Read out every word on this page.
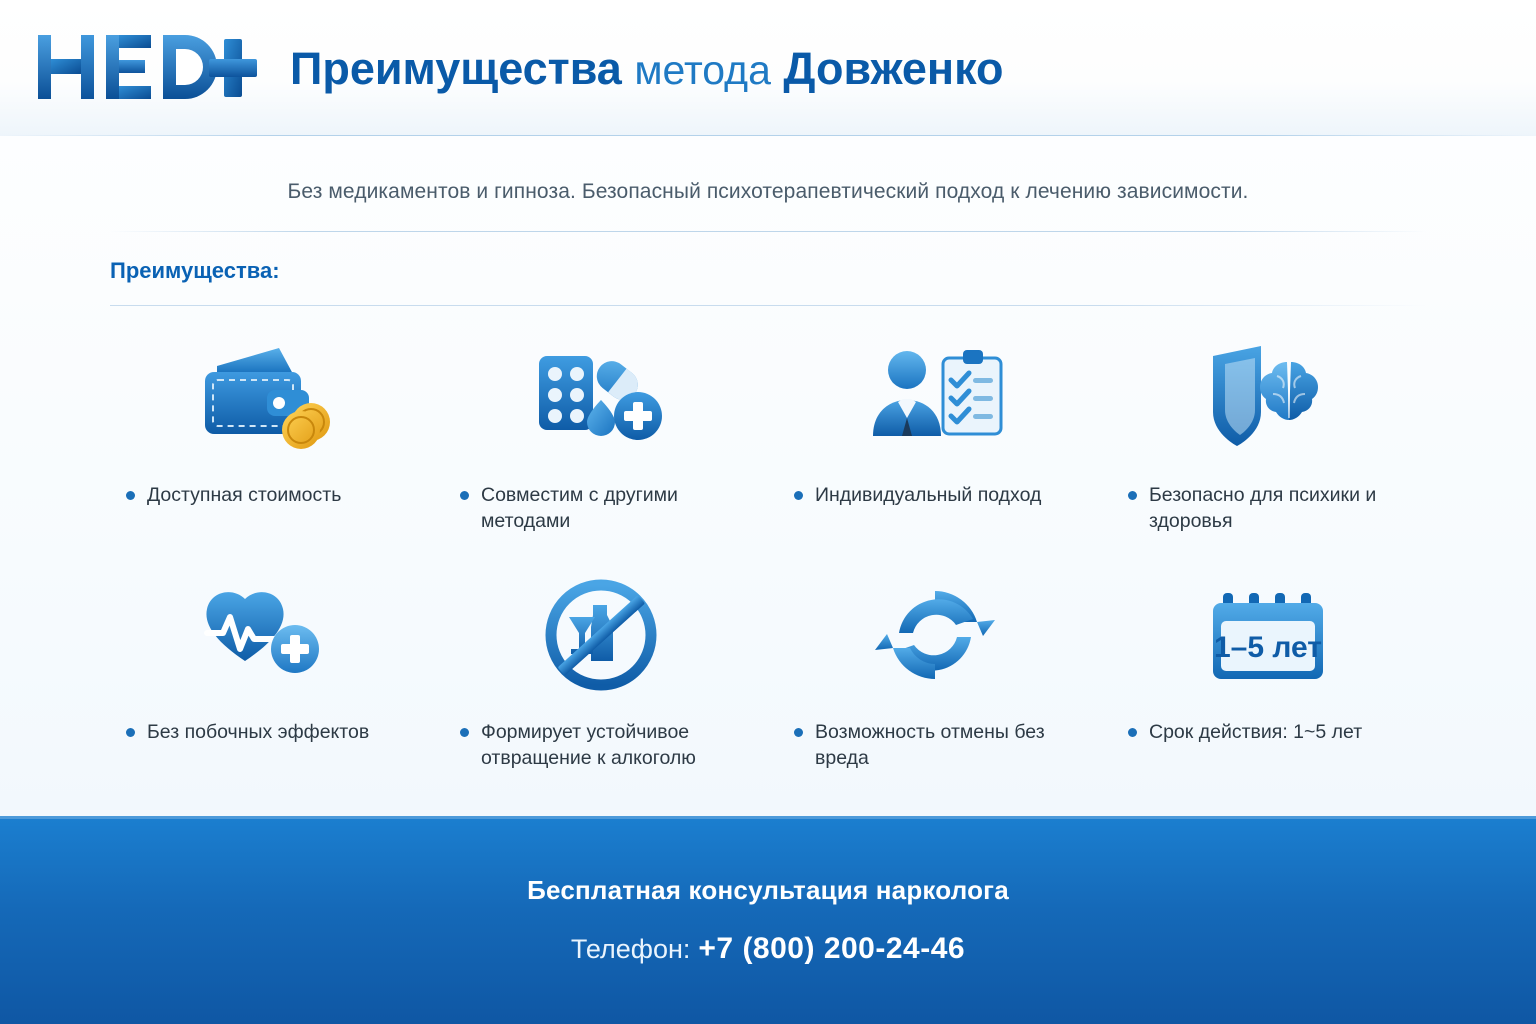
Преимущества метода Довженко
Без медикаментов и гипноза. Безопасный психотерапевтический подход к лечению зависимости.
Преимущества:
Доступная стоимость	Совместим с другими методами
Индивидуальный подход	Безопасно для психики и здоровья
Без побочных эффектов	Формирует устойчивое отвращение к алкоголю
Возможность отмены без вреда
1–5 лет
Срок действия: 1~5 лет
Бесплатная консультация нарколога
Телефон: +7 (800) 200-24-46
